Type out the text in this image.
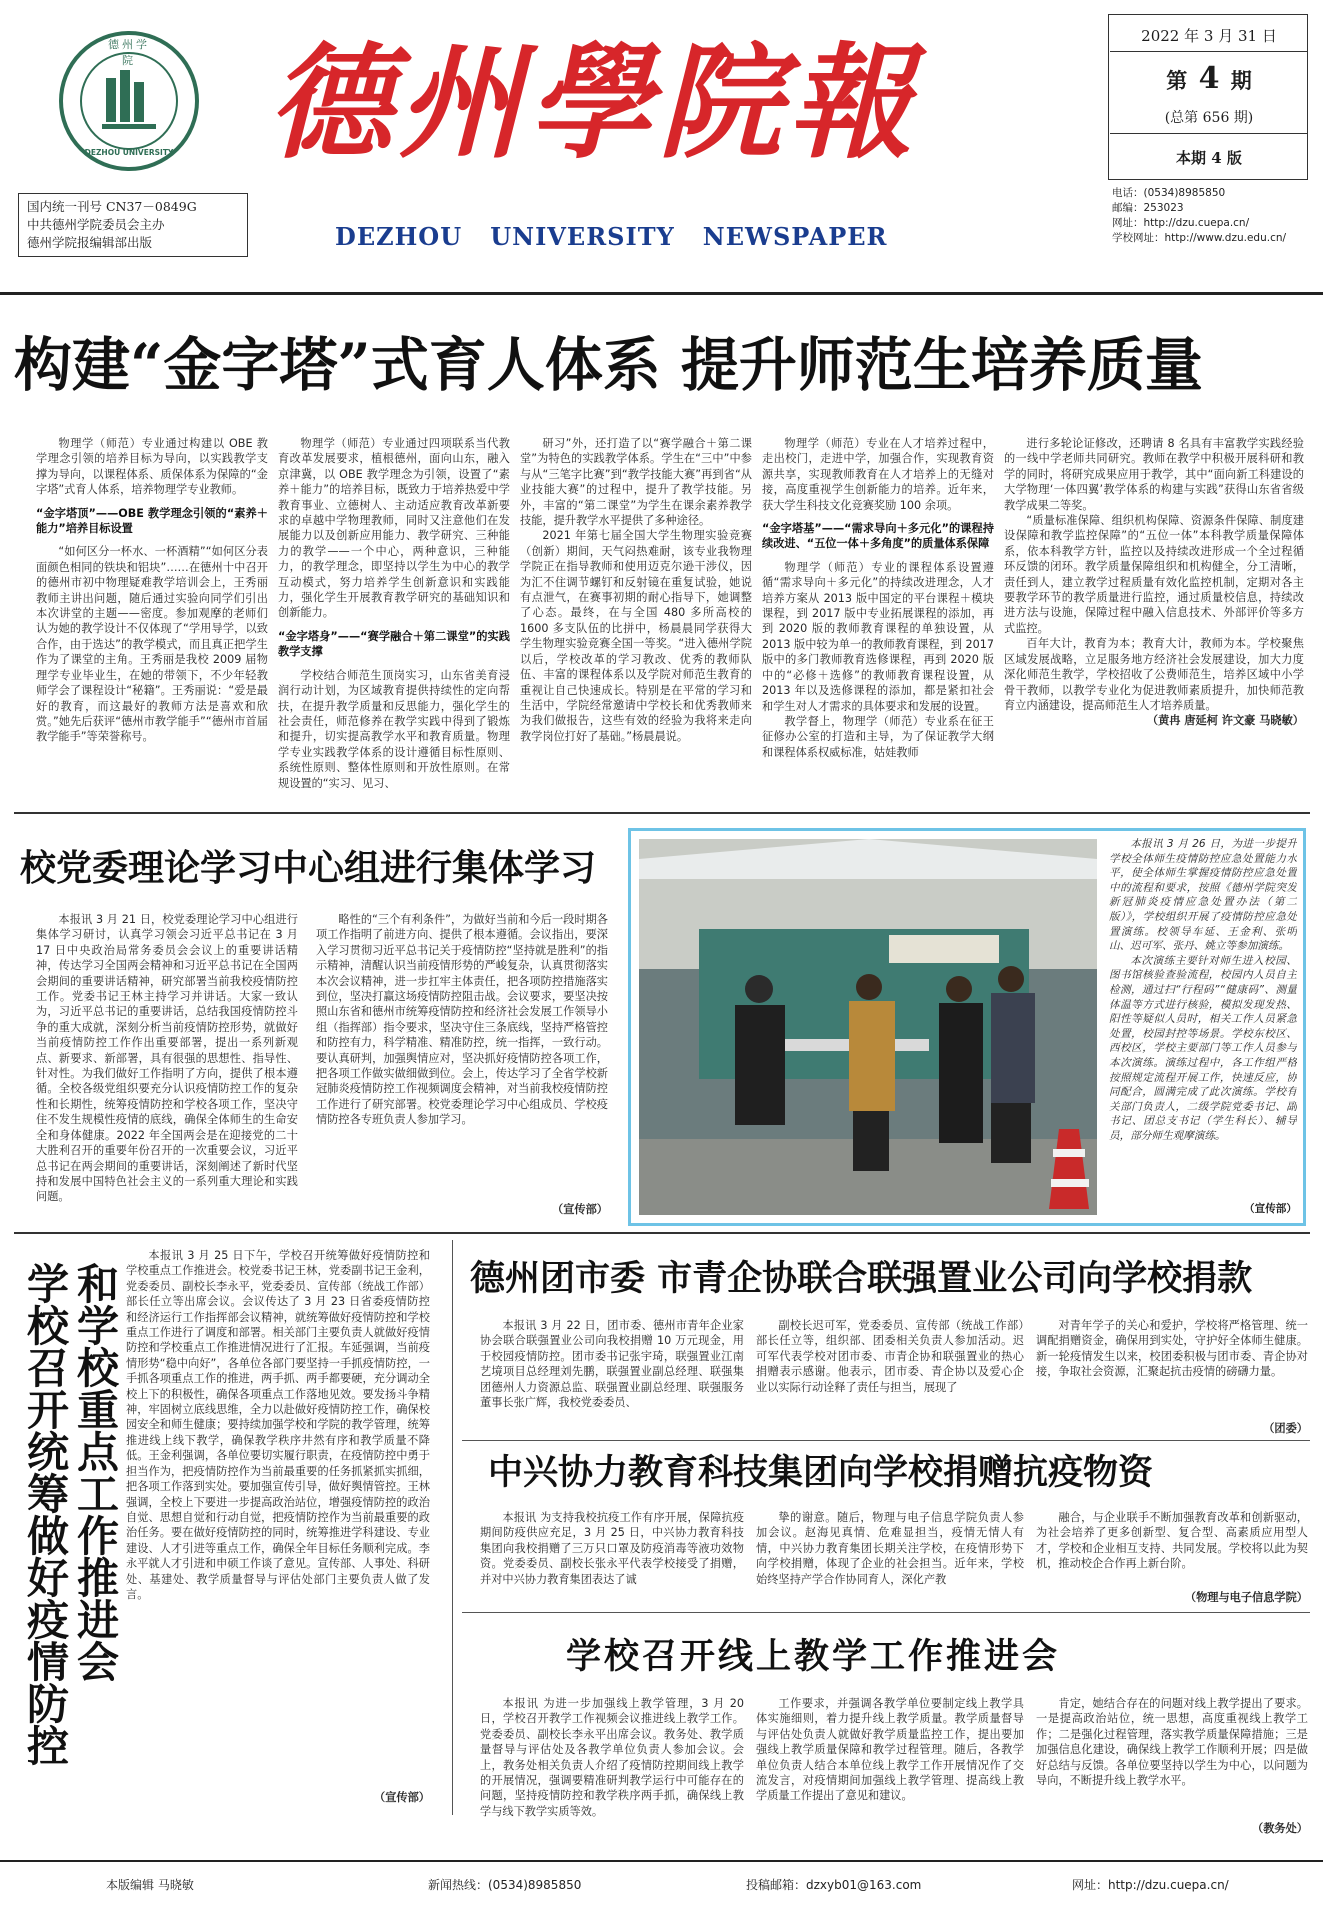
德州学院
DEZHOU UNIVERSITY
国内统一刊号 CN37－0849G
中共德州学院委员会主办
德州学院报编辑部出版
德州學院報
DEZHOU   UNIVERSITY   NEWSPAPER
2022 年 3 月 31 日
第 4 期
(总第 656 期)
本期 4 版
电话：(0534)8985850
邮编：253023
网址：http://dzu.cuepa.cn/
学校网址：http://www.dzu.edu.cn/
构建“金字塔”式育人体系 提升师范生培养质量

物理学（师范）专业通过构建以 OBE 教学理念引领的培养目标为导向，以实践教学支撑为导向，以课程体系、质保体系为保障的“金字塔”式育人体系，培养物理学专业教师。

“金字塔顶”——OBE 教学理念引领的“素养＋能力”培养目标设置

“如何区分一杯水、一杯酒精”“如何区分表面颜色相同的铁块和铝块”……在德州十中召开的德州市初中物理疑难教学培训会上，王秀丽教师主讲出问题，随后通过实验向同学们引出本次讲堂的主题——密度。参加观摩的老师们认为她的教学设计不仅体现了“学用导学，以致合作，由于选达”的教学模式，而且真正把学生作为了课堂的主角。王秀丽是我校 2009 届物理学专业毕业生，在她的带领下，不少年轻教师学会了课程设计“秘籍”。王秀丽说：“爱是最好的教育，而这最好的教师方法是喜欢和欣赏。”她先后获评“德州市教学能手”“德州市首届教学能手”等荣誉称号。

物理学（师范）专业通过四项联系当代教育改革发展要求，植根德州，面向山东，融入京津冀，以 OBE 教学理念为引领，设置了“素养＋能力”的培养目标，既致力于培养热爱中学教育事业、立德树人、主动适应教育改革新要求的卓越中学物理教师，同时又注意他们在发展能力以及创新应用能力、教学研究、三种能力的教学——一个中心，两种意识，三种能力，的教学理念，即坚持以学生为中心的教学互动模式，努力培养学生创新意识和实践能力，强化学生开展教育教学研究的基础知识和创新能力。

“金字塔身”——“赛学融合＋第二课堂”的实践教学支撑

学校结合师范生顶岗实习，山东省美育浸润行动计划，为区域教育提供持续性的定向帮扶，在提升教学质量和反思能力，强化学生的社会责任，师范修养在教学实践中得到了锻炼和提升，切实提高教学水平和教育质量。物理学专业实践教学体系的设计遵循目标性原则、系统性原则、整体性原则和开放性原则。在常规设置的“实习、见习、

研习”外，还打造了以“赛学融合＋第二课堂”为特色的实践教学体系。学生在“三中”中参与从“三笔字比赛”到“教学技能大赛”再到省“从业技能大赛”的过程中，提升了教学技能。另外，丰富的“第二课堂”为学生在课余素养教学技能，提升教学水平提供了多种途径。

2021 年第七届全国大学生物理实验竞赛（创新）期间，天气闷热难耐，该专业我物理学院正在指导教师和使用迈克尔逊干涉仪，因为汇不住调节螺钉和反射镜在重复试验，她说有点泄气，在赛事初期的耐心指导下，她调整了心态。最终，在与全国 480 多所高校的 1600 多支队伍的比拼中，杨晨晨同学获得大学生物理实验竞赛全国一等奖。“进入德州学院以后，学校改革的学习教改、优秀的教师队伍、丰富的课程体系以及学院对师范生教育的重视让自己快速成长。特别是在平常的学习和生活中，学院经常邀请中学校长和优秀教师来为我们做报告，这些有效的经验为我将来走向教学岗位打好了基础。”杨晨晨说。

物理学（师范）专业在人才培养过程中，走出校门，走进中学，加强合作，实现教育资源共享，实现教师教育在人才培养上的无缝对接，高度重视学生创新能力的培养。近年来，获大学生科技文化竞赛奖励 100 余项。

“金字塔基”——“需求导向＋多元化”的课程持续改进、“五位一体＋多角度”的质量体系保障

物理学（师范）专业的课程体系设置遵循“需求导向＋多元化”的持续改进理念，人才培养方案从 2013 版中国定的平台课程＋模块课程，到 2017 版中专业拓展课程的添加，再到 2020 版的教师教育课程的单独设置，从 2013 版中较为单一的教师教育课程，到 2017 版中的多门教师教育选修课程，再到 2020 版中的“必修＋选修”的教师教育课程设置，从 2013 年以及选修课程的添加，都是紧扣社会和学生对人才需求的具体要求和发展的设置。

教学督上，物理学（师范）专业系在征王征修办公室的打造和主导，为了保证教学大纲和课程体系权威标准，姑娃教师

进行多轮论证修改，还聘请 8 名具有丰富教学实践经验的一线中学老师共同研究。教师在教学中积极开展科研和教学的同时，将研究成果应用于教学，其中“面向新工科建设的大学物理‘一体四翼’教学体系的构建与实践”获得山东省省级教学成果二等奖。

“质量标准保障、组织机构保障、资源条件保障、制度建设保障和教学监控保障”的“五位一体”本科教学质量保障体系，依本科教学方针，监控以及持续改进形成一个全过程循环反馈的闭环。教学质量保障组织和机构健全，分工清晰，责任到人，建立教学过程质量有效化监控机制，定期对各主要教学环节的教学质量进行监控，通过质量校信息，持续改进方法与设施，保障过程中融入信息技术、外部评价等多方式监控。

百年大计，教育为本；教育大计，教师为本。学校聚焦区域发展战略，立足服务地方经济社会发展建设，加大力度深化师范生教学，学校招收了公费师范生，培养区域中小学骨干教师，以教学专业化为促进教师素质提升，加快师范教育立内涵建设，提高师范生人才培养质量。

（黄冉 唐延柯 许文豪 马晓敏）

校党委理论学习中心组进行集体学习

本报讯 3 月 21 日，校党委理论学习中心组进行集体学习研讨，认真学习领会习近平总书记在 3 月 17 日中央政治局常务委员会会议上的重要讲话精神，传达学习全国两会精神和习近平总书记在全国两会期间的重要讲话精神，研究部署当前我校疫情防控工作。党委书记王林主持学习并讲话。大家一致认为，习近平总书记的重要讲话，总结我国疫情防控斗争的重大成就，深刻分析当前疫情防控形势，就做好当前疫情防控工作作出重要部署，提出一系列新观点、新要求、新部署，具有很强的思想性、指导性、针对性。为我们做好工作指明了方向，提供了根本遵循。全校各级党组织要充分认识疫情防控工作的复杂性和长期性，统筹疫情防控和学校各项工作，坚决守住不发生规模性疫情的底线，确保全体师生的生命安全和身体健康。2022 年全国两会是在迎接党的二十大胜利召开的重要年份召开的一次重要会议，习近平总书记在两会期间的重要讲话，深刻阐述了新时代坚持和发展中国特色社会主义的一系列重大理论和实践问题。

略性的“三个有利条件”，为做好当前和今后一段时期各项工作指明了前进方向、提供了根本遵循。会议指出，要深入学习贯彻习近平总书记关于疫情防控“坚持就是胜利”的指示精神，清醒认识当前疫情形势的严峻复杂，认真贯彻落实本次会议精神，进一步扛牢主体责任，把各项防控措施落实到位，坚决打赢这场疫情防控阻击战。会议要求，要坚决按照山东省和德州市统筹疫情防控和经济社会发展工作领导小组（指挥部）指令要求，坚决守住三条底线，坚持严格管控和防控有力，科学精准、精准防控，统一指挥，一致行动。要认真研判，加强舆情应对，坚决抓好疫情防控各项工作，把各项工作做实做细做到位。会上，传达学习了全省学校新冠肺炎疫情防控工作视频调度会精神，对当前我校疫情防控工作进行了研究部署。校党委理论学习中心组成员、学校疫情防控各专班负责人参加学习。

（宣传部）

本报讯 3 月 26 日，为进一步提升学校全体师生疫情防控应急处置能力水平，使全体师生掌握疫情防控应急处置中的流程和要求，按照《德州学院突发新冠肺炎疫情应急处置办法（第二版）》，学校组织开展了疫情防控应急处置演练。校领导车延、王金利、张明山、迟可军、张丹、姚立等参加演练。

本次演练主要针对师生进入校园、图书馆核验查验流程，校园内人员自主检测，通过扫“行程码”“健康码”、测量体温等方式进行核验，模拟发现发热、阳性等疑似人员时，相关工作人员紧急处置，校园封控等场景。学校东校区、西校区，学校主要部门等工作人员参与本次演练。演练过程中，各工作组严格按照规定流程开展工作，快速反应，协同配合，圆满完成了此次演练。学校有关部门负责人，二级学院党委书记、副书记、团总支书记（学生科长）、辅导员，部分师生观摩演练。

（宣传部）
学校召开统筹做好疫情防控 和学校重点工作推进会

本报讯 3 月 25 日下午，学校召开统筹做好疫情防控和学校重点工作推进会。校党委书记王林，党委副书记王金利，党委委员、副校长李永平，党委委员、宣传部（统战工作部）部长任立等出席会议。会议传达了 3 月 23 日省委疫情防控和经济运行工作指挥部会议精神，就统筹做好疫情防控和学校重点工作进行了调度和部署。相关部门主要负责人就做好疫情防控和学校重点工作推进情况进行了汇报。车延强调，当前疫情形势“稳中向好”，各单位各部门要坚持一手抓疫情防控，一手抓各项重点工作的推进，两手抓、两手都要硬，充分调动全校上下的积极性，确保各项重点工作落地见效。要发扬斗争精神，牢固树立底线思维，全力以赴做好疫情防控工作，确保校园安全和师生健康；要持续加强学校和学院的教学管理，统筹推进线上线下教学，确保教学秩序井然有序和教学质量不降低。王金利强调，各单位要切实履行职责，在疫情防控中勇于担当作为，把疫情防控作为当前最重要的任务抓紧抓实抓细，把各项工作落到实处。要加强宣传引导，做好舆情管控。王林强调，全校上下要进一步提高政治站位，增强疫情防控的政治自觉、思想自觉和行动自觉，把疫情防控作为当前最重要的政治任务。要在做好疫情防控的同时，统筹推进学科建设、专业建设、人才引进等重点工作，确保全年目标任务顺利完成。李永平就人才引进和申硕工作谈了意见。宣传部、人事处、科研处、基建处、教学质量督导与评估处部门主要负责人做了发言。

（宣传部）
德州团市委 市青企协联合联强置业公司向学校捐款

本报讯 3 月 22 日，团市委、德州市青年企业家协会联合联强置业公司向我校捐赠 10 万元现金，用于校园疫情防控。团市委书记张宇琦，联强置业江南艺境项目总经理刘先鹏，联强置业副总经理、联强集团德州人力资源总监、联强置业副总经理、联强服务董事长张广辉，我校党委委员、

副校长迟可军，党委委员、宣传部（统战工作部）部长任立等，组织部、团委相关负责人参加活动。迟可军代表学校对团市委、市青企协和联强置业的热心捐赠表示感谢。他表示，团市委、青企协以及爱心企业以实际行动诠释了责任与担当，展现了

对青年学子的关心和爱护，学校将严格管理、统一调配捐赠资金，确保用到实处，守护好全体师生健康。新一轮疫情发生以来，校团委积极与团市委、青企协对接，争取社会资源，汇聚起抗击疫情的磅礴力量。

（团委）
中兴协力教育科技集团向学校捐赠抗疫物资

本报讯 为支持我校抗疫工作有序开展，保障抗疫期间防疫供应充足，3 月 25 日，中兴协力教育科技集团向我校捐赠了三万只口罩及防疫消毒等液功效物资。党委委员、副校长张永平代表学校接受了捐赠，并对中兴协力教育集团表达了诚

挚的谢意。随后，物理与电子信息学院负责人参加会议。赵海见真情、危难显担当，疫情无情人有情，中兴协力教育集团长期关注学校，在疫情形势下向学校捐赠，体现了企业的社会担当。近年来，学校始终坚持产学合作协同育人，深化产教

融合，与企业联手不断加强教育改革和创新驱动，为社会培养了更多创新型、复合型、高素质应用型人才，学校和企业相互支持、共同发展。学校将以此为契机，推动校企合作再上新台阶。

（物理与电子信息学院）
学校召开线上教学工作推进会

本报讯 为进一步加强线上教学管理，3 月 20 日，学校召开教学工作视频会议推进线上教学工作。党委委员、副校长李永平出席会议。教务处、教学质量督导与评估处及各教学单位负责人参加会议。会上，教务处相关负责人介绍了疫情防控期间线上教学的开展情况，强调要精准研判教学运行中可能存在的问题，坚持疫情防控和教学秩序两手抓，确保线上教学与线下教学实质等效。

工作要求，并强调各教学单位要制定线上教学具体实施细则，着力提升线上教学质量。教学质量督导与评估处负责人就做好教学质量监控工作，提出要加强线上教学质量保障和教学过程管理。随后，各教学单位负责人结合本单位线上教学工作开展情况作了交流发言，对疫情期间加强线上教学管理、提高线上教学质量工作提出了意见和建议。

肯定，她结合存在的问题对线上教学提出了要求。一是提高政治站位，统一思想，高度重视线上教学工作；二是强化过程管理，落实教学质量保障措施；三是加强信息化建设，确保线上教学工作顺利开展；四是做好总结与反馈。各单位要坚持以学生为中心，以问题为导向，不断提升线上教学水平。

（教务处）
本版编辑 马晓敏	新闻热线：(0534)8985850	投稿邮箱：dzxyb01@163.com	网址：http://dzu.cuepa.cn/
